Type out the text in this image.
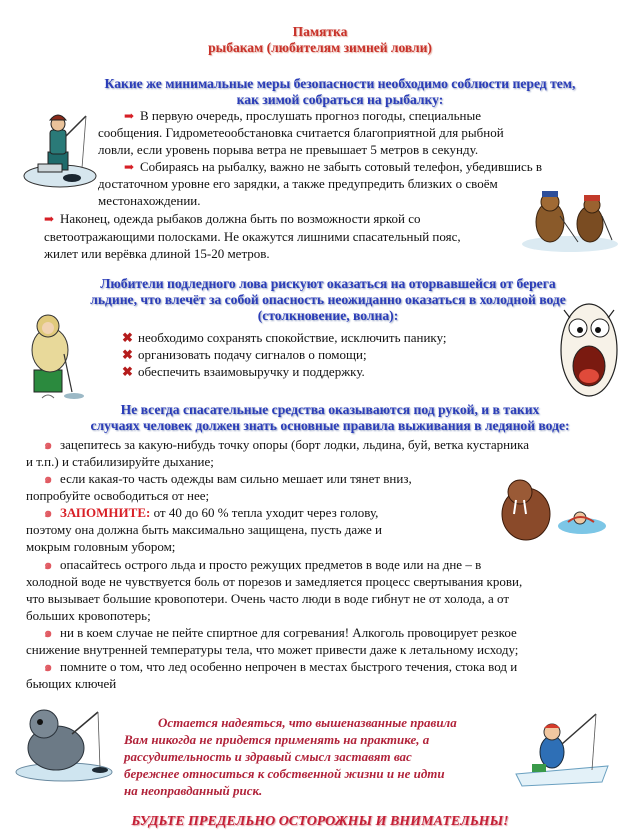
Памятка
рыбакам (любителям зимней ловли)
Какие же минимальные меры безопасности необходимо соблюсти перед тем,
как зимой собраться на рыбалку:
➡ В первую очередь, прослушать прогноз погоды, специальные
сообщения. Гидрометеообстановка считается благоприятной для рыбной
ловли, если уровень порыва ветра не превышает 5 метров в секунду.
➡ Собираясь на рыбалку, важно не забыть сотовый телефон, убедившись в
достаточном уровне его зарядки, а также предупредить близких о своём
местонахождении.
➡ Наконец, одежда рыбаков должна быть по возможности яркой со
светоотражающими полосками. Не окажутся лишними спасательный пояс,
жилет или верёвка длиной 15-20 метров.
Любители подледного лова рискуют оказаться на оторвавшейся от берега
льдине, что влечёт за собой опасность неожиданно оказаться в холодной воде
(столкновение, волна):
✖ необходимо сохранять спокойствие, исключить панику;
✖ организовать подачу сигналов о помощи;
✖ обеспечить взаимовыручку и поддержку.
Не всегда спасательные средства оказываются под рукой, и в таких
случаях человек должен знать основные правила выживания в ледяной воде:
๑ зацепитесь за какую-нибудь точку опоры (борт лодки, льдина, буй, ветка кустарника
и т.п.) и стабилизируйте дыхание;
๑ если какая-то часть одежды вам сильно мешает или тянет вниз,
попробуйте освободиться от нее;
๑ ЗАПОМНИТЕ: от 40 до 60 % тепла уходит через голову,
поэтому она должна быть максимально защищена, пусть даже и
мокрым головным убором;
๑ опасайтесь острого льда и просто режущих предметов в воде или на дне – в
холодной воде не чувствуется боль от порезов и замедляется процесс свертывания крови,
что вызывает большие кровопотери. Очень часто люди в воде гибнут не от холода, а от
больших кровопотерь;
๑ ни в коем случае не пейте спиртное для согревания! Алкоголь провоцирует резкое
снижение внутренней температуры тела, что может привести даже к летальному исходу;
๑ помните о том, что лед особенно непрочен в местах быстрого течения, стока вод и
бьющих ключей
Остается надеяться, что вышеназванные правила
Вам никогда не придется применять на практике, а
рассудительность и здравый смысл заставят вас
бережнее относиться к собственной жизни и не идти
на неоправданный риск.
БУДЬТЕ ПРЕДЕЛЬНО ОСТОРОЖНЫ И ВНИМАТЕЛЬНЫ!
